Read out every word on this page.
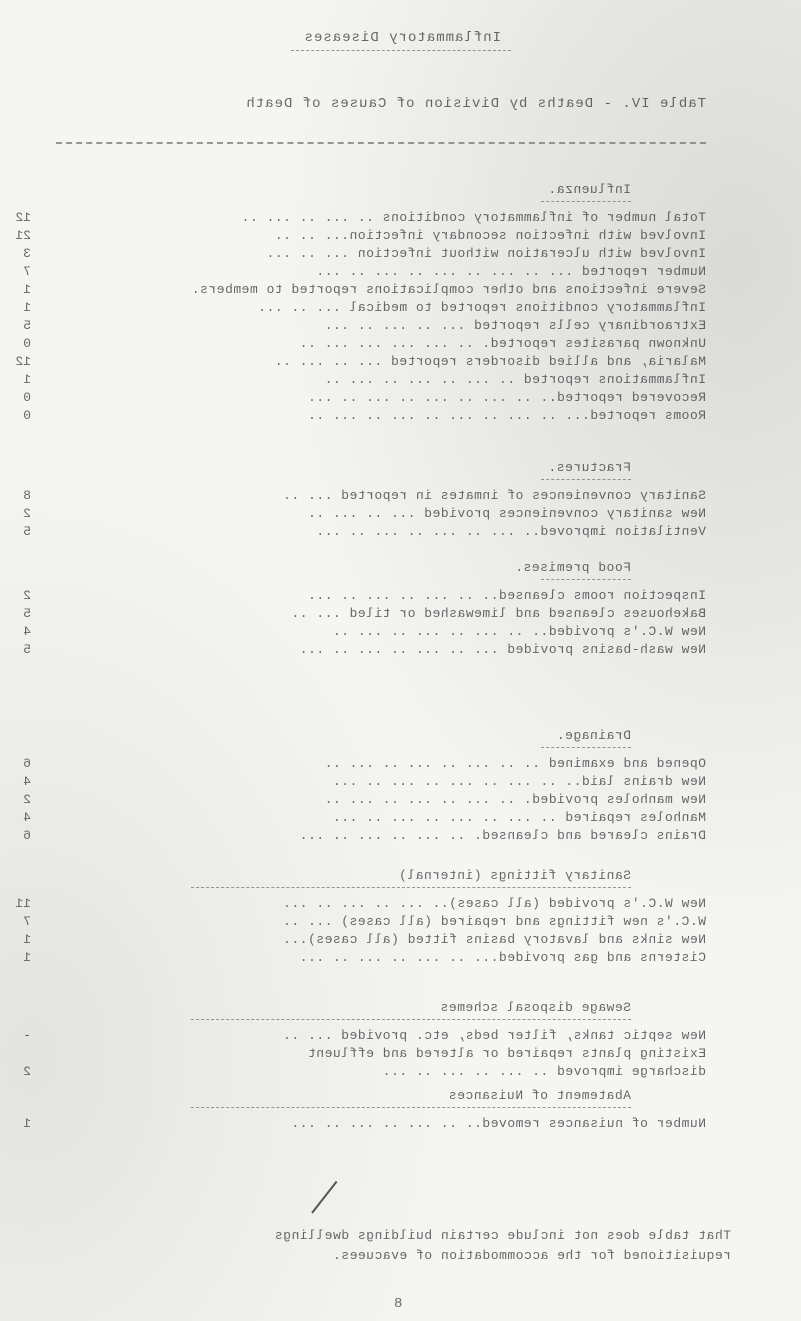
Inflammatory Diseases
Table IV. - Deaths by Division of Causes of Death
Influenza.
Total number of inflammatory conditions .. ... .. ... ..
12
Involved with infection secondary infection... .. ..
21
Involved with ulceration without infection ... .. ...
3
Number reported ... .. ... .. ... .. ... .. ...
7
Severe infections and other complications reported to members.
1
Inflammatory conditions reported to medical ... .. ...
1
Extraordinary cells reported ... .. ... .. ...
5
Unknown parasites reported. .. ... ... ... ... ..
0
Malaria, and allied disorders reported ... .. ... ..
12
Inflammations reported .. ... .. ... .. ... ..
1
Recovered reported.. .. ... .. ... .. ... .. ...
0
Rooms reported... .. ... .. ... .. ... .. ... ..
0
Fractures.
Sanitary conveniences of inmates in reported ... ..
8
New sanitary conveniences provided ... .. ... ..
2
Ventilation improved.. ... .. ... .. ... .. ...
5
Food premises.
Inspection rooms cleansed.. .. ... .. ... .. ...
2
Bakehouses cleansed and limewashed or tiled ... ..
5
New W.C.'s provided.. .. ... .. ... .. ... ..
4
New wash-basins provided ... .. ... .. ... .. ...
5
Drainage.
Opened and examined .. .. ... .. ... .. ... ..
6
New drains laid.. .. ... .. ... .. ... .. ...
4
New manholes provided. .. ... .. ... .. ... ..
2
Manholes repaired .. ... .. ... .. ... .. ...
4
Drains cleared and cleansed. .. ... .. ... .. ...
6
Sanitary fittings (internal)
New W.C.'s provided (all cases).. ... .. ... .. ...
11
W.C.'s new fittings and repaired (all cases) ... ..
7
New sinks and lavatory basins fitted (all cases)...
1
Cisterns and gas provided... .. ... .. ... .. ...
1
Sewage disposal schemes
New septic tanks, filter beds, etc. provided ... ..
-
Existing plants repaired or altered and effluent
discharge improved .. ... .. ... .. ...
2
Abatement of Nuisances
Number of nuisances removed.. .. ... .. ... .. ...
1
That table does not include certain buildings dwellings
requisitioned for the accommodation of evacuees.
8
